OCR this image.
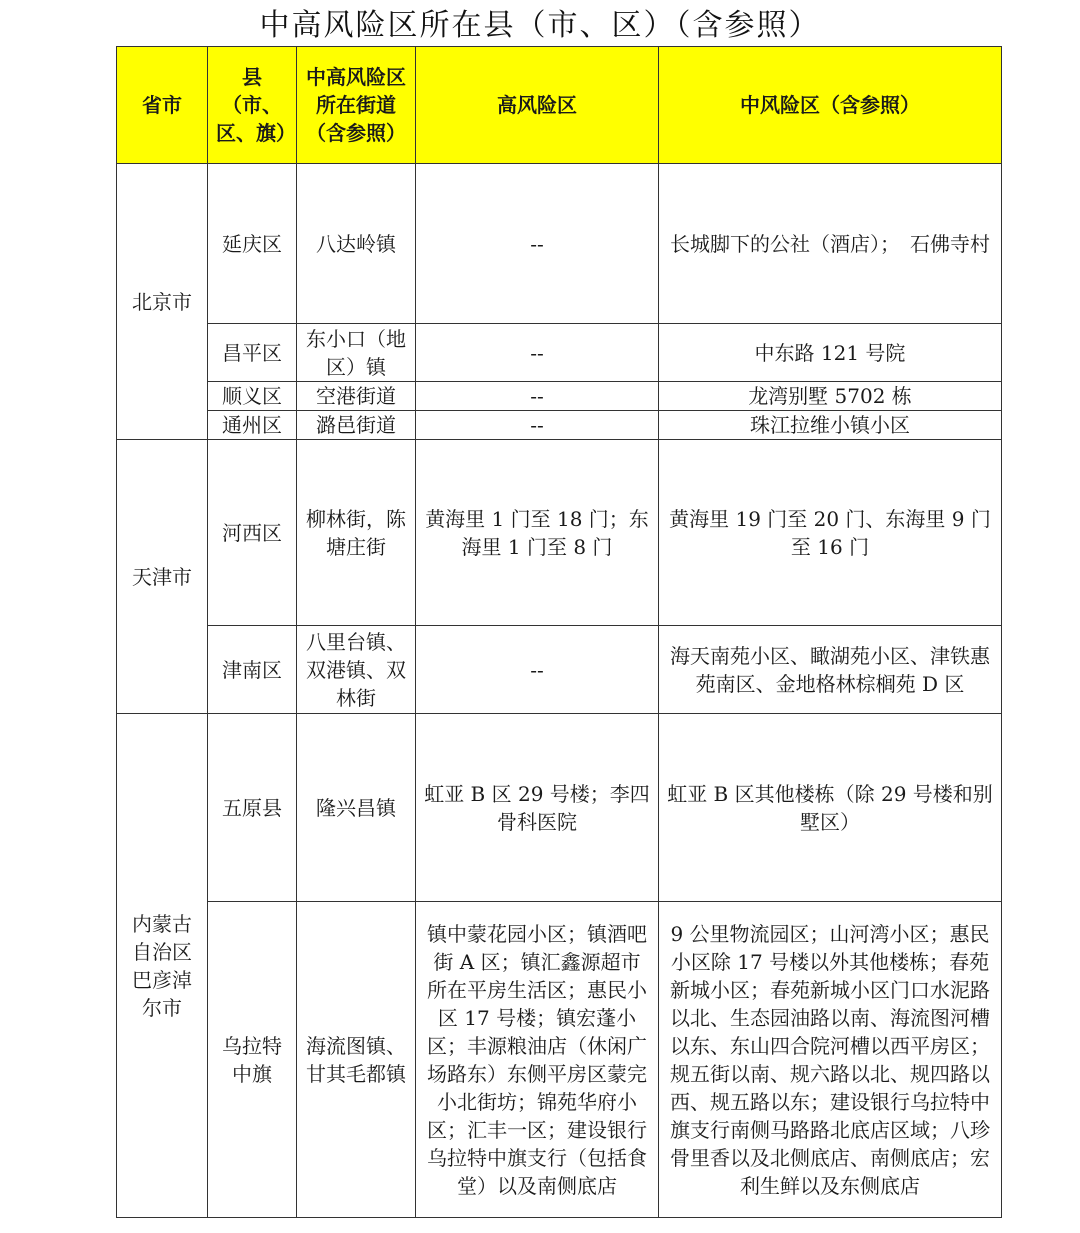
中高风险区所在县（市、区）（含参照）
省市	县（市、区、旗）	中高风险区所在街道（含参照）	高风险区	中风险区（含参照）
北京市	延庆区	八达岭镇	--	长城脚下的公社（酒店）；　石佛寺村
	昌平区	东小口（地区）镇	--	中东路 121 号院
	顺义区	空港街道	--	龙湾别墅 5702 栋
	通州区	潞邑街道	--	珠江拉维小镇小区
天津市	河西区	柳林街，陈塘庄街	黄海里 1 门至 18 门；东海里 1 门至 8 门	黄海里 19 门至 20 门、东海里 9 门至 16 门
	津南区	八里台镇、双港镇、双林街	--	海天南苑小区、瞰湖苑小区、津铁惠苑南区、金地格林棕榈苑 D 区
内蒙古自治区巴彦淖尔市	五原县	隆兴昌镇	虹亚 B 区 29 号楼；李四骨科医院	虹亚 B 区其他楼栋（除 29 号楼和别墅区）
	乌拉特中旗	海流图镇、甘其毛都镇	镇中蒙花园小区；镇酒吧街 A 区；镇汇鑫源超市所在平房生活区；惠民小区 17 号楼；镇宏蓬小区；丰源粮油店（休闲广场路东）东侧平房区蒙完小北街坊；锦苑华府小区；汇丰一区；建设银行乌拉特中旗支行（包括食堂）以及南侧底店	9 公里物流园区；山河湾小区；惠民小区除 17 号楼以外其他楼栋；春苑新城小区；春苑新城小区门口水泥路以北、生态园油路以南、海流图河槽以东、东山四合院河槽以西平房区；规五街以南、规六路以北、规四路以西、规五路以东；建设银行乌拉特中旗支行南侧马路路北底店区域；八珍骨里香以及北侧底店、南侧底店；宏利生鲜以及东侧底店
